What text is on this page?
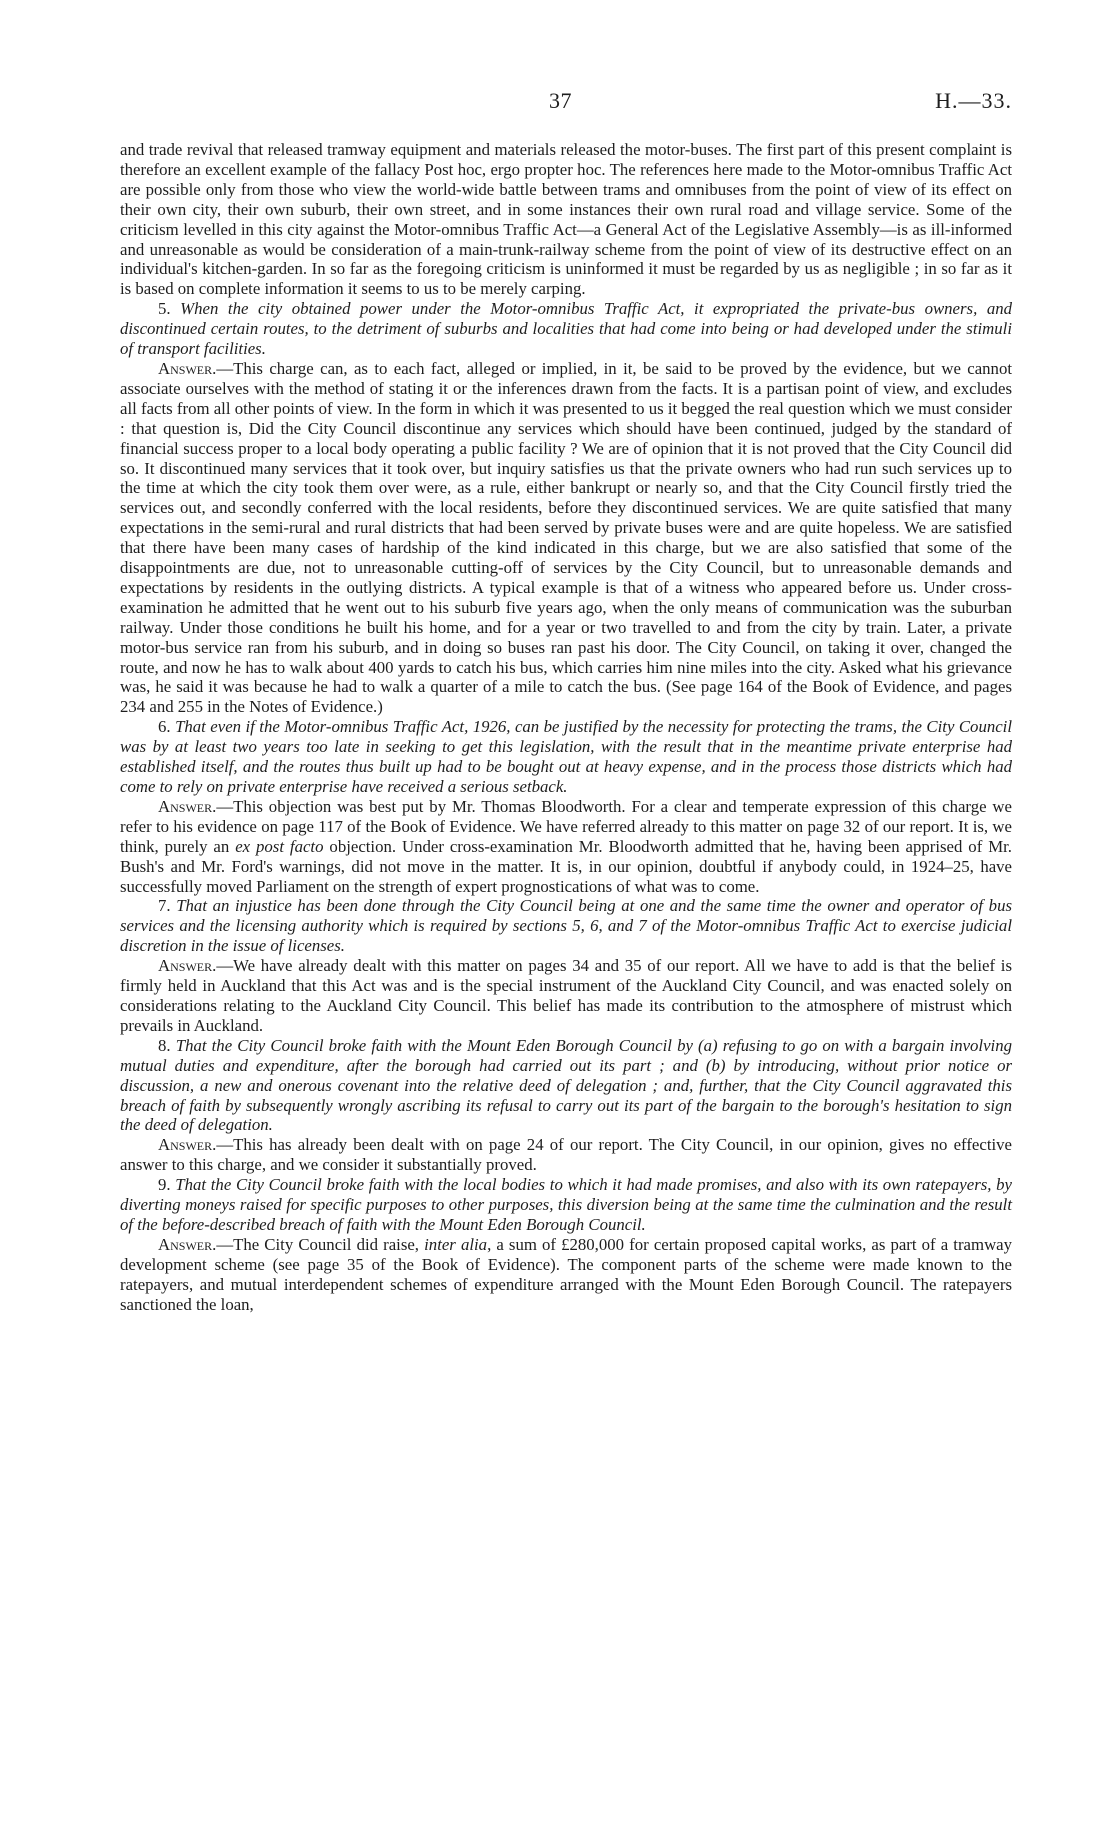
37	H.—33.

and trade revival that released tramway equipment and materials released the motor-buses. The first part of this present complaint is therefore an excellent example of the fallacy Post hoc, ergo propter hoc. The references here made to the Motor-omnibus Traffic Act are possible only from those who view the world-wide battle between trams and omnibuses from the point of view of its effect on their own city, their own suburb, their own street, and in some instances their own rural road and village service. Some of the criticism levelled in this city against the Motor-omnibus Traffic Act—a General Act of the Legislative Assembly—is as ill-informed and unreasonable as would be consideration of a main-trunk-railway scheme from the point of view of its destructive effect on an individual's kitchen-garden. In so far as the foregoing criticism is uninformed it must be regarded by us as negligible ; in so far as it is based on complete information it seems to us to be merely carping.

5. When the city obtained power under the Motor-omnibus Traffic Act, it expropriated the private-bus owners, and discontinued certain routes, to the detriment of suburbs and localities that had come into being or had developed under the stimuli of transport facilities.

Answer.—This charge can, as to each fact, alleged or implied, in it, be said to be proved by the evidence, but we cannot associate ourselves with the method of stating it or the inferences drawn from the facts. It is a partisan point of view, and excludes all facts from all other points of view. In the form in which it was presented to us it begged the real question which we must consider : that question is, Did the City Council discontinue any services which should have been continued, judged by the standard of financial success proper to a local body operating a public facility ? We are of opinion that it is not proved that the City Council did so. It discontinued many services that it took over, but inquiry satisfies us that the private owners who had run such services up to the time at which the city took them over were, as a rule, either bankrupt or nearly so, and that the City Council firstly tried the services out, and secondly conferred with the local residents, before they discontinued services. We are quite satisfied that many expectations in the semi-rural and rural districts that had been served by private buses were and are quite hopeless. We are satisfied that there have been many cases of hardship of the kind indicated in this charge, but we are also satisfied that some of the disappointments are due, not to unreasonable cutting-off of services by the City Council, but to unreasonable demands and expectations by residents in the outlying districts. A typical example is that of a witness who appeared before us. Under cross-examination he admitted that he went out to his suburb five years ago, when the only means of communication was the suburban railway. Under those conditions he built his home, and for a year or two travelled to and from the city by train. Later, a private motor-bus service ran from his suburb, and in doing so buses ran past his door. The City Council, on taking it over, changed the route, and now he has to walk about 400 yards to catch his bus, which carries him nine miles into the city. Asked what his grievance was, he said it was because he had to walk a quarter of a mile to catch the bus. (See page 164 of the Book of Evidence, and pages 234 and 255 in the Notes of Evidence.)

6. That even if the Motor-omnibus Traffic Act, 1926, can be justified by the necessity for protecting the trams, the City Council was by at least two years too late in seeking to get this legislation, with the result that in the meantime private enterprise had established itself, and the routes thus built up had to be bought out at heavy expense, and in the process those districts which had come to rely on private enterprise have received a serious setback.

Answer.—This objection was best put by Mr. Thomas Bloodworth. For a clear and temperate expression of this charge we refer to his evidence on page 117 of the Book of Evidence. We have referred already to this matter on page 32 of our report. It is, we think, purely an ex post facto objection. Under cross-examination Mr. Bloodworth admitted that he, having been apprised of Mr. Bush's and Mr. Ford's warnings, did not move in the matter. It is, in our opinion, doubtful if anybody could, in 1924–25, have successfully moved Parliament on the strength of expert prognostications of what was to come.

7. That an injustice has been done through the City Council being at one and the same time the owner and operator of bus services and the licensing authority which is required by sections 5, 6, and 7 of the Motor-omnibus Traffic Act to exercise judicial discretion in the issue of licenses.

Answer.—We have already dealt with this matter on pages 34 and 35 of our report. All we have to add is that the belief is firmly held in Auckland that this Act was and is the special instrument of the Auckland City Council, and was enacted solely on considerations relating to the Auckland City Council. This belief has made its contribution to the atmosphere of mistrust which prevails in Auckland.

8. That the City Council broke faith with the Mount Eden Borough Council by (a) refusing to go on with a bargain involving mutual duties and expenditure, after the borough had carried out its part ; and (b) by introducing, without prior notice or discussion, a new and onerous covenant into the relative deed of delegation ; and, further, that the City Council aggravated this breach of faith by subsequently wrongly ascribing its refusal to carry out its part of the bargain to the borough's hesitation to sign the deed of delegation.

Answer.—This has already been dealt with on page 24 of our report. The City Council, in our opinion, gives no effective answer to this charge, and we consider it substantially proved.

9. That the City Council broke faith with the local bodies to which it had made promises, and also with its own ratepayers, by diverting moneys raised for specific purposes to other purposes, this diversion being at the same time the culmination and the result of the before-described breach of faith with the Mount Eden Borough Council.

Answer.—The City Council did raise, inter alia, a sum of £280,000 for certain proposed capital works, as part of a tramway development scheme (see page 35 of the Book of Evidence). The component parts of the scheme were made known to the ratepayers, and mutual interdependent schemes of expenditure arranged with the Mount Eden Borough Council. The ratepayers sanctioned the loan,
